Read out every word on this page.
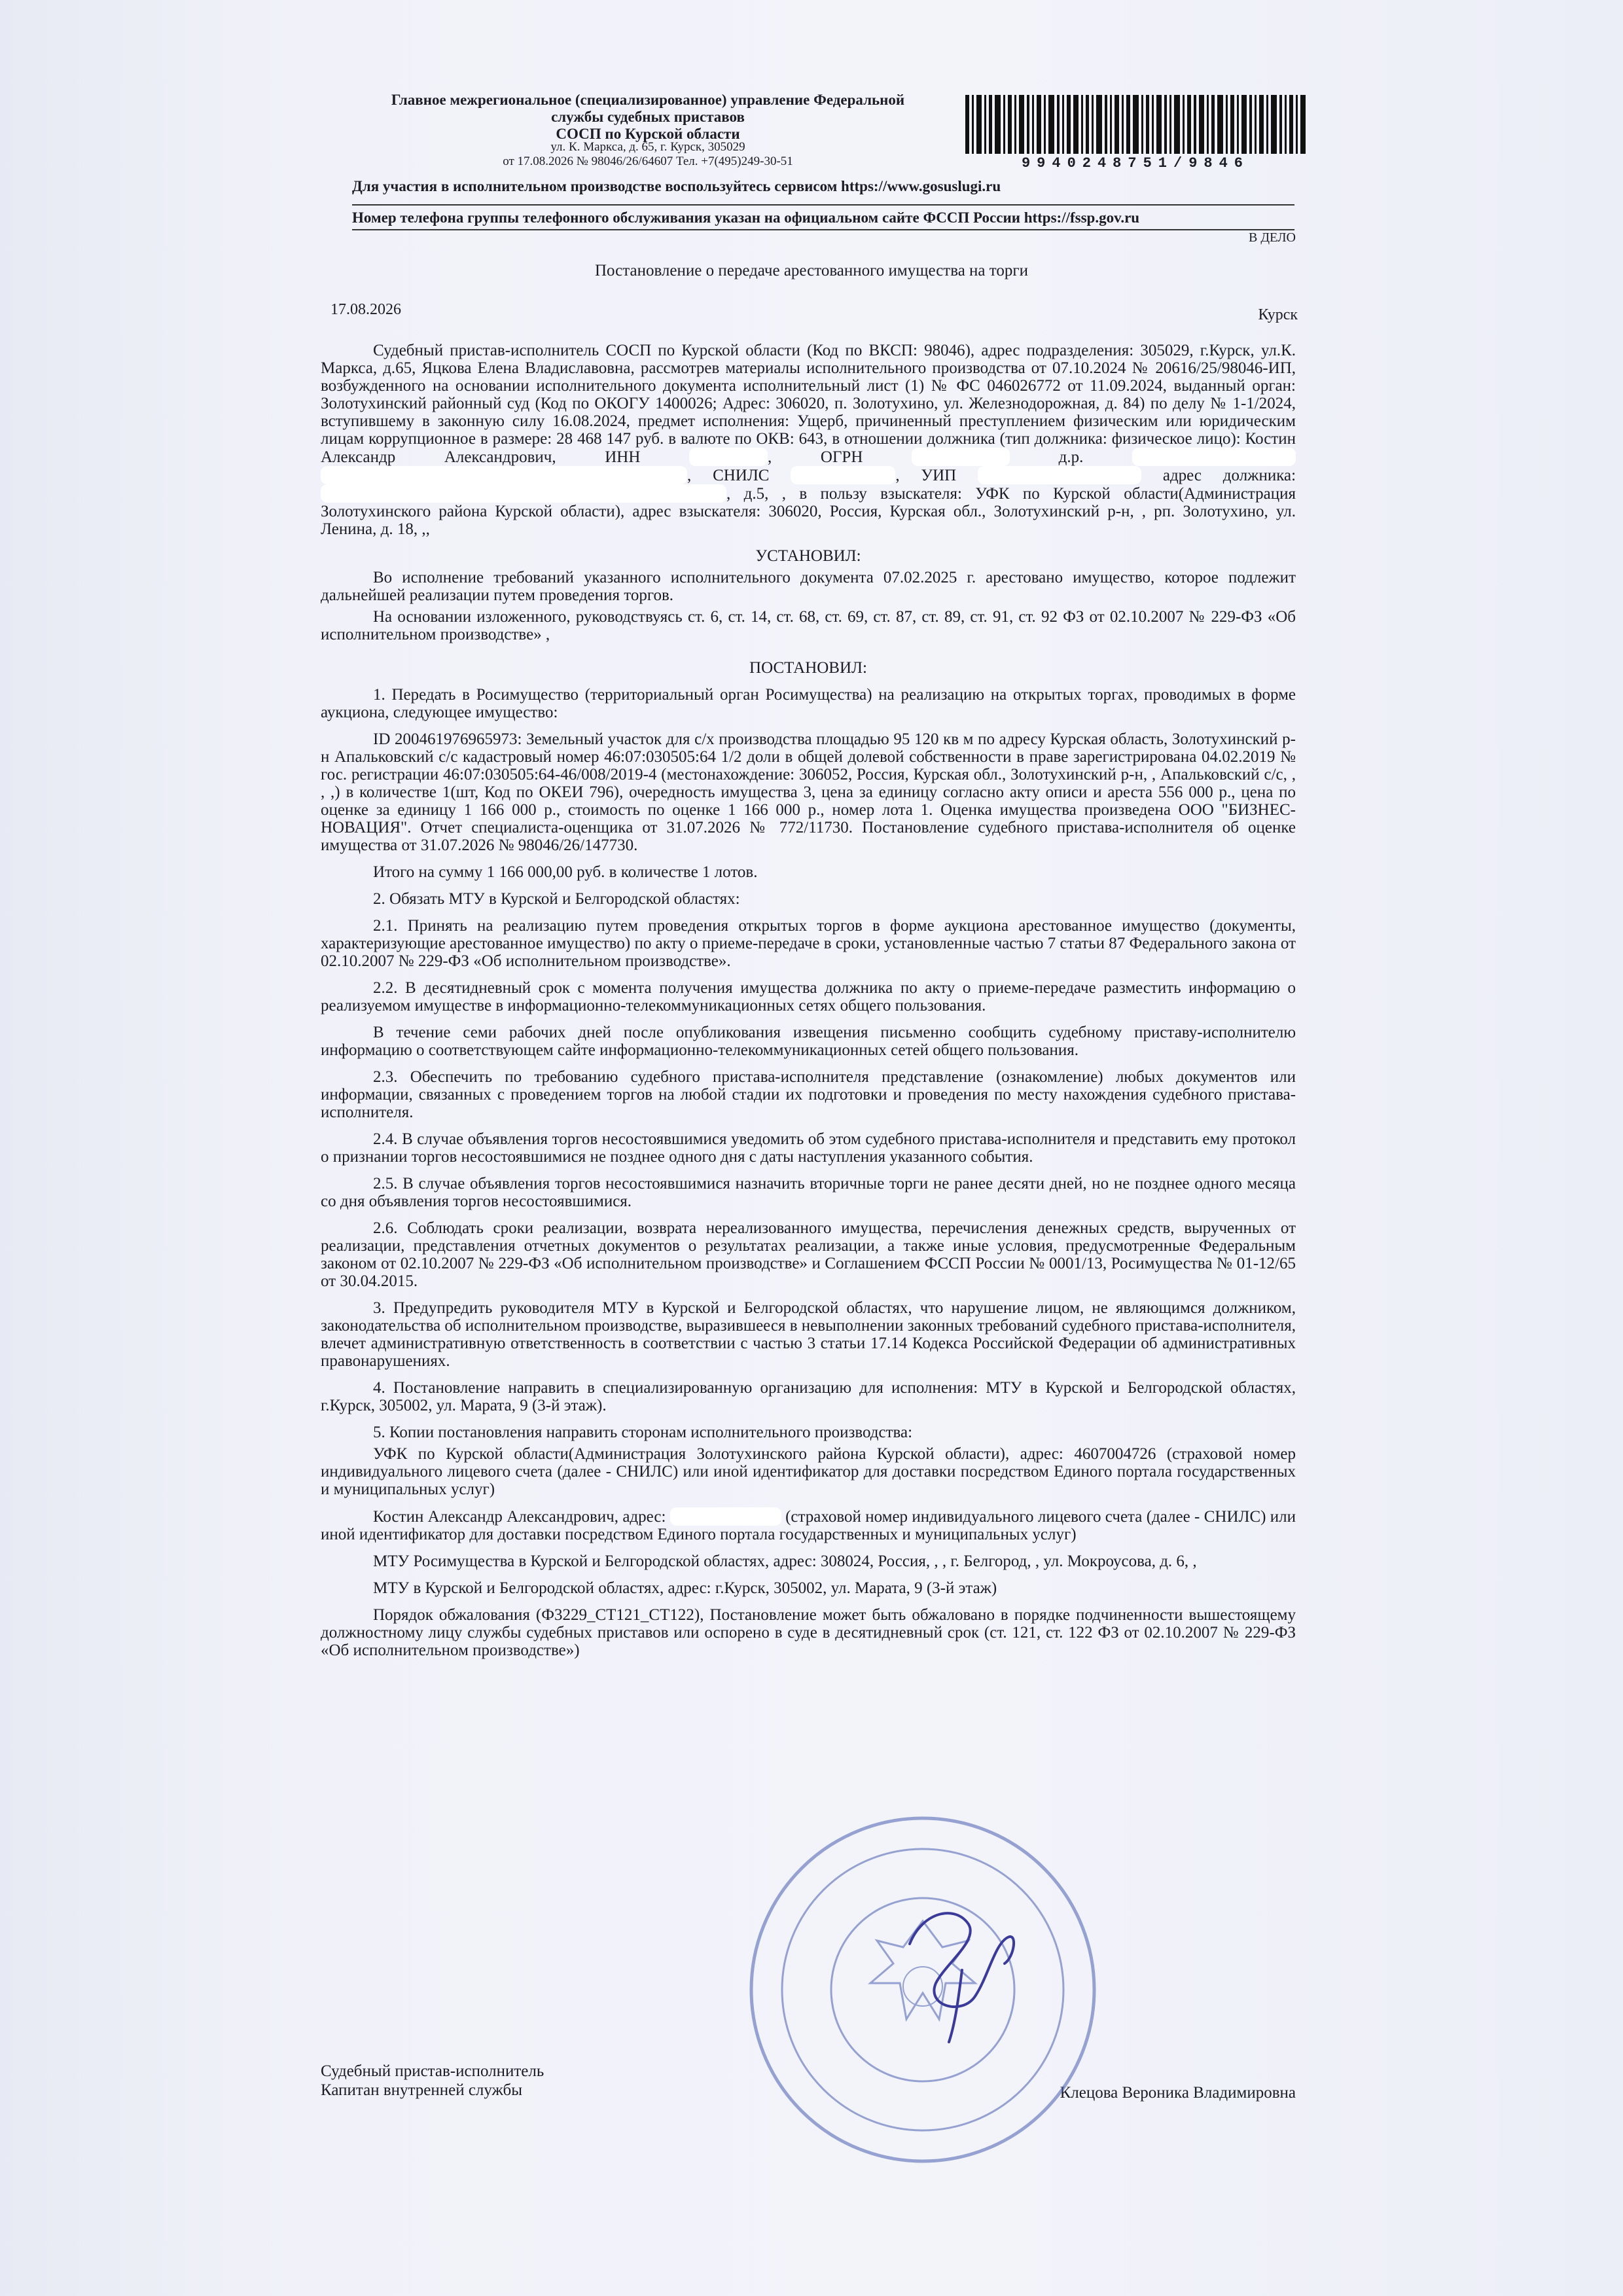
Главное межрегиональное (специализированное) управление Федеральной
службы судебных приставов
СОСП по Курской области
ул. К. Маркса, д. 65, г. Курск, 305029
от 17.08.2026 № 98046/26/64607 Тел. +7(495)249-30-51	9940248751/9846
Для участия в исполнительном производстве воспользуйтесь сервисом https://www.gosuslugi.ru
Номер телефона группы телефонного обслуживания указан на официальном сайте ФССП России https://fssp.gov.ru
В ДЕЛО
Постановление о передаче арестованного имущества на торги
17.08.2026	Курск

Судебный пристав-исполнитель СОСП по Курской области (Код по ВКСП: 98046), адрес подразделения: 305029, г.Курск, ул.К. Маркса, д.65, Яцкова Елена Владиславовна, рассмотрев материалы исполнительного производства от 07.10.2024 № 20616/25/98046-ИП, возбужденного на основании исполнительного документа исполнительный лист (1) № ФС 046026772 от 11.09.2024, выданный орган: Золотухинский районный суд (Код по ОКОГУ 1400026; Адрес: 306020, п. Золотухино, ул. Железнодорожная, д. 84) по делу № 1-1/2024, вступившему в законную силу 16.08.2024, предмет исполнения: Ущерб, причиненный преступлением физическим или юридическим лицам коррупционное в размере: 28 468 147 руб. в валюте по ОКВ: 643, в отношении должника (тип должника: физическое лицо): Костин Александр Александрович, ИНН	, ОГРН	д.р.  , СНИЛС	, УИП	адрес должника: , д.5, , в пользу взыскателя: УФК по Курской области(Администрация Золотухинского района Курской области), адрес взыскателя: 306020, Россия, Курская обл., Золотухинский р-н, , рп. Золотухино, ул. Ленина, д. 18, ,,

УСТАНОВИЛ:

Во исполнение требований указанного исполнительного документа 07.02.2025 г. арестовано имущество, которое подлежит дальнейшей реализации путем проведения торгов.

На основании изложенного, руководствуясь ст. 6, ст. 14, ст. 68, ст. 69, ст. 87, ст. 89, ст. 91, ст. 92 ФЗ от 02.10.2007 № 229-ФЗ «Об исполнительном производстве» ,

ПОСТАНОВИЛ:

1. Передать в Росимущество (территориальный орган Росимущества) на реализацию на открытых торгах, проводимых в форме аукциона, следующее имущество:

ID 200461976965973: Земельный участок для с/х производства площадью 95 120 кв м по адресу Курская область, Золотухинский р-н Апальковский с/с кадастровый номер 46:07:030505:64 1/2 доли в общей долевой собственности в праве зарегистрирована 04.02.2019 № гос. регистрации 46:07:030505:64-46/008/2019-4 (местонахождение: 306052, Россия, Курская обл., Золотухинский р-н, , Апальковский с/с, , , ,) в количестве 1(шт, Код по ОКЕИ 796), очередность имущества 3, цена за единицу согласно акту описи и ареста 556 000 р., цена по оценке за единицу 1 166 000 р., стоимость по оценке 1 166 000 р., номер лота 1. Оценка имущества произведена ООО "БИЗНЕС-НОВАЦИЯ". Отчет специалиста-оценщика от 31.07.2026 № 772/11730. Постановление судебного пристава-исполнителя об оценке имущества от 31.07.2026 № 98046/26/147730.

Итого на сумму 1 166 000,00 руб. в количестве 1 лотов.

2. Обязать МТУ в Курской и Белгородской областях:

2.1. Принять на реализацию путем проведения открытых торгов в форме аукциона арестованное имущество (документы, характеризующие арестованное имущество) по акту о приеме-передаче в сроки, установленные частью 7 статьи 87 Федерального закона от 02.10.2007 № 229-ФЗ «Об исполнительном производстве».

2.2. В десятидневный срок с момента получения имущества должника по акту о приеме-передаче разместить информацию о реализуемом имуществе в информационно-телекоммуникационных сетях общего пользования.

В течение семи рабочих дней после опубликования извещения письменно сообщить судебному приставу-исполнителю информацию о соответствующем сайте информационно-телекоммуникационных сетей общего пользования.

2.3. Обеспечить по требованию судебного пристава-исполнителя представление (ознакомление) любых документов или информации, связанных с проведением торгов на любой стадии их подготовки и проведения по месту нахождения судебного пристава-исполнителя.

2.4. В случае объявления торгов несостоявшимися уведомить об этом судебного пристава-исполнителя и представить ему протокол о признании торгов несостоявшимися не позднее одного дня с даты наступления указанного события.

2.5. В случае объявления торгов несостоявшимися назначить вторичные торги не ранее десяти дней, но не позднее одного месяца со дня объявления торгов несостоявшимися.

2.6. Соблюдать сроки реализации, возврата нереализованного имущества, перечисления денежных средств, вырученных от реализации, представления отчетных документов о результатах реализации, а также иные условия, предусмотренные Федеральным законом от 02.10.2007 № 229-ФЗ «Об исполнительном производстве» и Соглашением ФССП России № 0001/13, Росимущества № 01-12/65 от 30.04.2015.

3. Предупредить руководителя МТУ в Курской и Белгородской областях, что нарушение лицом, не являющимся должником, законодательства об исполнительном производстве, выразившееся в невыполнении законных требований судебного пристава-исполнителя, влечет административную ответственность в соответствии с частью 3 статьи 17.14 Кодекса Российской Федерации об административных правонарушениях.

4. Постановление направить в специализированную организацию для исполнения: МТУ в Курской и Белгородской областях, г.Курск, 305002, ул. Марата, 9 (3-й этаж).

5. Копии постановления направить сторонам исполнительного производства:

УФК по Курской области(Администрация Золотухинского района Курской области), адрес: 4607004726 (страховой номер индивидуального лицевого счета (далее - СНИЛС) или иной идентификатор для доставки посредством Единого портала государственных и муниципальных услуг)

Костин Александр Александрович, адрес:	(страховой номер индивидуального лицевого счета (далее - СНИЛС) или иной идентификатор для доставки посредством Единого портала государственных и муниципальных услуг)

МТУ Росимущества в Курской и Белгородской областях, адрес: 308024, Россия, , , г. Белгород, , ул. Мокроусова, д. 6, ,

МТУ в Курской и Белгородской областях, адрес: г.Курск, 305002, ул. Марата, 9 (3-й этаж)

Порядок обжалования (Ф3229_СТ121_СТ122), Постановление может быть обжаловано в порядке подчиненности вышестоящему должностному лицу службы судебных приставов или оспорено в суде в десятидневный срок (ст. 121, ст. 122 ФЗ от 02.10.2007 № 229-ФЗ «Об исполнительном производстве»)

Судебный пристав-исполнитель
Капитан внутренней службы	Клецова Вероника Владимировна
